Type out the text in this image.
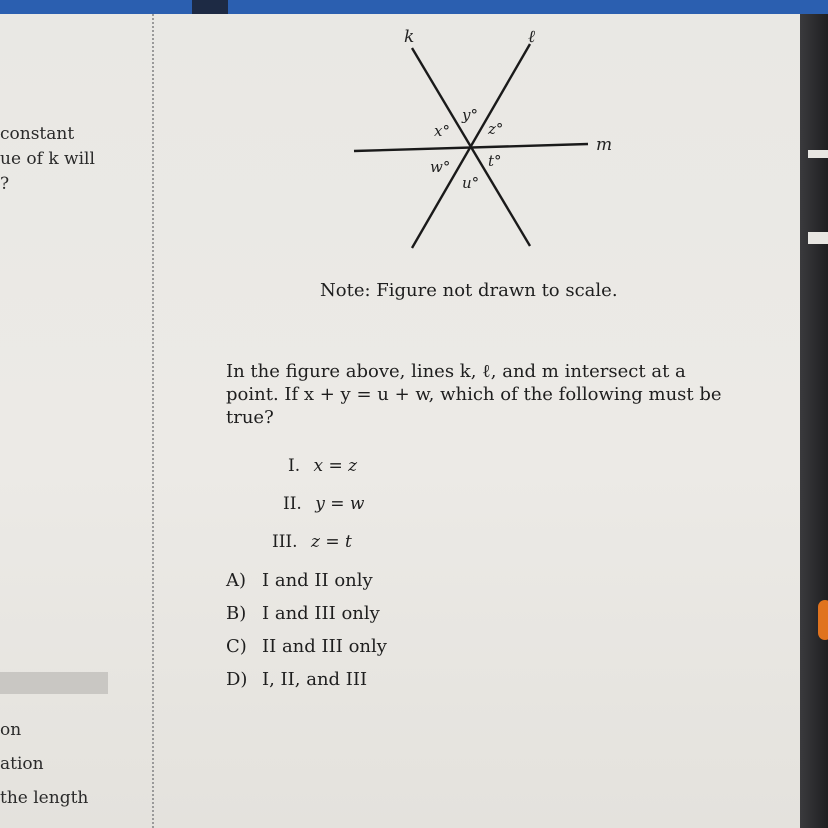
constant
ue of k will
?
on
ation
the length
k	ℓ
m
y°
x°	z°
w°	t°
u°
Note: Figure not drawn to scale.
In the figure above, lines k, ℓ, and m intersect at a point. If x + y = u + w, which of the following must be true?
I. x = z
II. y = w
III. z = t
A) I and II only
B) I and III only
C) II and III only
D) I, II, and III
